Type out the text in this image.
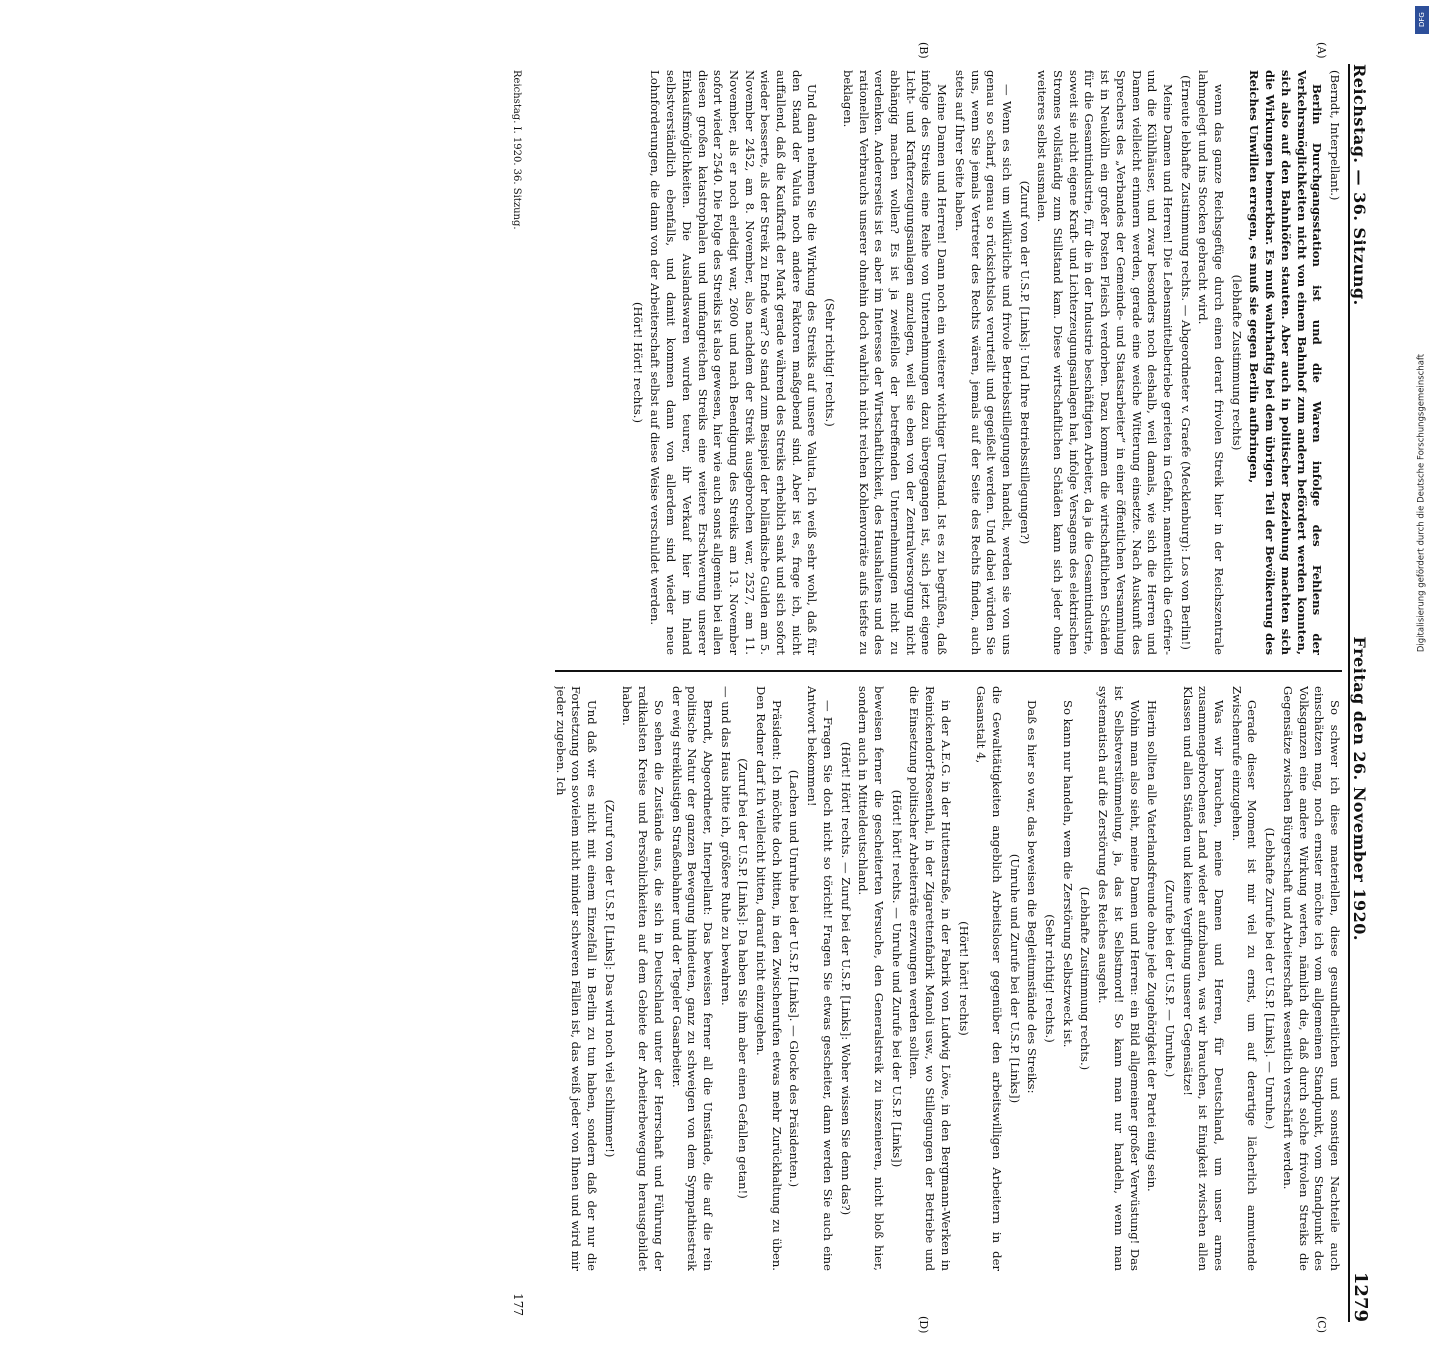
Reichstag. — 36. Sitzung.
Freitag den 26. November 1920.
1279
(A)
(B)
(C)
(D)

(Berndt, Interpellant.)

Berlin Durchgangsstation ist und die Waren infolge des Fehlens der Verkehrsmöglichkeiten nicht von einem Bahnhof zum andern befördert werden konnten, sich also auf den Bahnhöfen stauten. Aber auch in politischer Beziehung machten sich die Wirkungen bemerkbar. Es muß wahrhaftig bei dem übrigen Teil der Bevölkerung des Reiches Unwillen erregen, es muß sie gegen Berlin aufbringen,

(lebhafte Zustimmung rechts)

wenn das ganze Reichsgefüge durch einen derart frivolen Streik hier in der Reichszentrale lahmgelegt und ins Stocken gebracht wird.

(Erneute lebhafte Zustimmung rechts. — Abgeordneter v. Graefe (Mecklenburg): Los von Berlin!)

Meine Damen und Herren! Die Lebensmittelbetriebe gerieten in Gefahr, namentlich die Gefrier- und die Kühlhäuser, und zwar besonders noch deshalb, weil damals, wie sich die Herren und Damen vielleicht erinnern werden, gerade eine weiche Witterung einsetzte. Nach Auskunft des Sprechers des „Verbandes der Gemeinde- und Staatsarbeiter“ in einer öffentlichen Versammlung ist in Neukölln ein großer Posten Fleisch verdorben. Dazu kommen die wirtschaftlichen Schäden für die Gesamtindustrie, für die in der Industrie beschäftigten Arbeiter, da ja die Gesamtindustrie, soweit sie nicht eigene Kraft- und Lichterzeugungsanlagen hat, infolge Versagens des elektrischen Stromes vollständig zum Stillstand kam. Diese wirtschaftlichen Schäden kann sich jeder ohne weiteres selbst ausmalen.

(Zuruf von der U.S.P. [Links]: Und Ihre Betriebsstillegungen?)

— Wenn es sich um willkürliche und frivole Betriebsstillegungen handelt, werden sie von uns genau so scharf, genau so rücksichtslos verurteilt und gegeißelt werden. Und dabei würden Sie uns, wenn Sie jemals Vertreter des Rechts wären, jemals auf der Seite des Rechts finden, auch stets auf Ihrer Seite haben.

Meine Damen und Herren! Dann noch ein weiterer wichtiger Umstand. Ist es zu begrüßen, daß infolge des Streiks eine Reihe von Unternehmungen dazu übergegangen ist, sich jetzt eigene Licht- und Krafterzeugungsanlagen anzulegen, weil sie eben von der Zentralversorgung nicht abhängig machen wollen? Es ist ja zweifellos der betreffenden Unternehmungen nicht zu verdenken. Andererseits ist es aber im Interesse der Wirtschaftlichkeit, des Haushaltens und des rationellen Verbrauchs unserer ohnehin doch wahrlich nicht reichen Kohlenvorräte aufs tiefste zu beklagen.

(Sehr richtig! rechts.)

Und dann nehmen Sie die Wirkung des Streiks auf unsere Valuta. Ich weiß sehr wohl, daß für den Stand der Valuta noch andere Faktoren maßgebend sind. Aber ist es, frage ich, nicht auffallend, daß die Kaufkraft der Mark gerade während des Streiks erheblich sank und sich sofort wieder besserte, als der Streik zu Ende war? So stand zum Beispiel der holländische Gulden am 5. November 2452, am 8. November, also nachdem der Streik ausgebrochen war, 2527, am 11. November, als er noch erledigt war, 2600 und nach Beendigung des Streiks am 13. November sofort wieder 2540. Die Folge des Streiks ist also gewesen, hier wie auch sonst allgemein bei allen diesen großen katastrophalen und umfangreichen Streiks eine weitere Erschwerung unserer Einkaufsmöglichkeiten. Die Auslandswaren wurden teurer, ihr Verkauf hier im Inland selbstverständlich ebenfalls, und damit kommen dann von allerdem sind wieder neue Lohnforderungen, die dann von der Arbeiterschaft selbst auf diese Weise verschuldet werden.

(Hört! Hört! rechts.)

So schwer ich diese materiellen, diese gesundheitlichen und sonstigen Nachteile auch einschätzen mag, noch ernster möchte ich vom allgemeinen Standpunkt, vom Standpunkt des Volksganzen eine andere Wirkung werten, nämlich die, daß durch solche frivolen Streiks die Gegensätze zwischen Bürgerschaft und Arbeiterschaft wesentlich verschärft werden.

(Lebhafte Zurufe bei der U.S.P. [Links]. — Unruhe.)

Gerade dieser Moment ist mir viel zu ernst, um auf derartige lächerlich anmutende Zwischenrufe einzugehen.

Was wir brauchen, meine Damen und Herren, für Deutschland, um unser armes zusammengebrochenes Land wieder aufzubauen, was wir brauchen, ist Einigkeit zwischen allen Klassen und allen Ständen und keine Vergiftung unserer Gegensätze!

(Zurufe bei der U.S.P. — Unruhe.)

Hierin sollten alle Vaterlandsfreunde ohne jede Zugehörigkeit der Partei einig sein.

Wohin man also sieht, meine Damen und Herren: ein Bild allgemeiner großer Verwüstung! Das ist Selbstverstümmelung, ja, das ist Selbstmord! So kann man nur handeln, wenn man systematisch auf die Zerstörung des Reiches ausgeht.

(Lebhafte Zustimmung rechts.)

So kann nur handeln, wem die Zerstörung Selbstzweck ist.

(Sehr richtig! rechts.)

Daß es hier so war, das beweisen die Begleitumstände des Streiks:

(Unruhe und Zurufe bei der U.S.P. [Links])

die Gewalttätigkeiten angeblich Arbeitsloser gegenüber den arbeitswilligen Arbeitern in der Gasanstalt 4,

(Hört! hört! rechts)

in der A.E.G. in der Huttenstraße, in der Fabrik von Ludwig Löwe, in den Bergmann-Werken in Reinickendorf-Rosenthal, in der Zigarettenfabrik Manoli usw., wo Stillegungen der Betriebe und die Einsetzung politischer Arbeiterräte erzwungen werden sollten.

(Hört! hört! rechts. — Unruhe und Zurufe bei der U.S.P. [Links])

beweisen ferner die gescheiterten Versuche, den Generalstreik zu inszenieren, nicht bloß hier, sondern auch in Mitteldeutschland.

(Hört! Hört! rechts. — Zuruf bei der U.S.P. [Links]: Woher wissen Sie denn das?)

— Fragen Sie doch nicht so töricht! Fragen Sie etwas gescheiter, dann werden Sie auch eine Antwort bekommen!

(Lachen und Unruhe bei der U.S.P. [Links]. — Glocke des Präsidenten.)

Präsident: Ich möchte doch bitten, in den Zwischenrufen etwas mehr Zurückhaltung zu üben. Den Redner darf ich vielleicht bitten, darauf nicht einzugehen.

(Zuruf bei der U.S.P. [Links]: Da haben Sie ihm aber einen Gefallen getan!)

— und das Haus bitte ich, größere Ruhe zu bewahren.

Berndt, Abgeordneter, Interpellant: Das beweisen ferner all die Umstände, die auf die rein politische Natur der ganzen Bewegung hindeuten, ganz zu schweigen von dem Sympathiestreik der ewig streiklustigen Straßenbahner und der Tegeler Gasarbeiter.

So sehen die Zustände aus, die sich in Deutschland unter der Herrschaft und Führung der radikalsten Kreise und Persönlichkeiten auf dem Gebiete der Arbeiterbewegung herausgebildet haben.

(Zuruf von der U.S.P. [Links]: Das wird noch viel schlimmer!)

Und daß wir es nicht mit einem Einzelfall in Berlin zu tun haben, sondern daß der nur die Fortsetzung von sovielem nicht minder schweren Fällen ist, das weiß jeder von Ihnen und wird mir jeder zugeben. Ich

Reichstag. I. 1920. 36. Sitzung.
177
Digitalisierung gefördert durch die Deutsche Forschungsgemeinschaft
DFG
